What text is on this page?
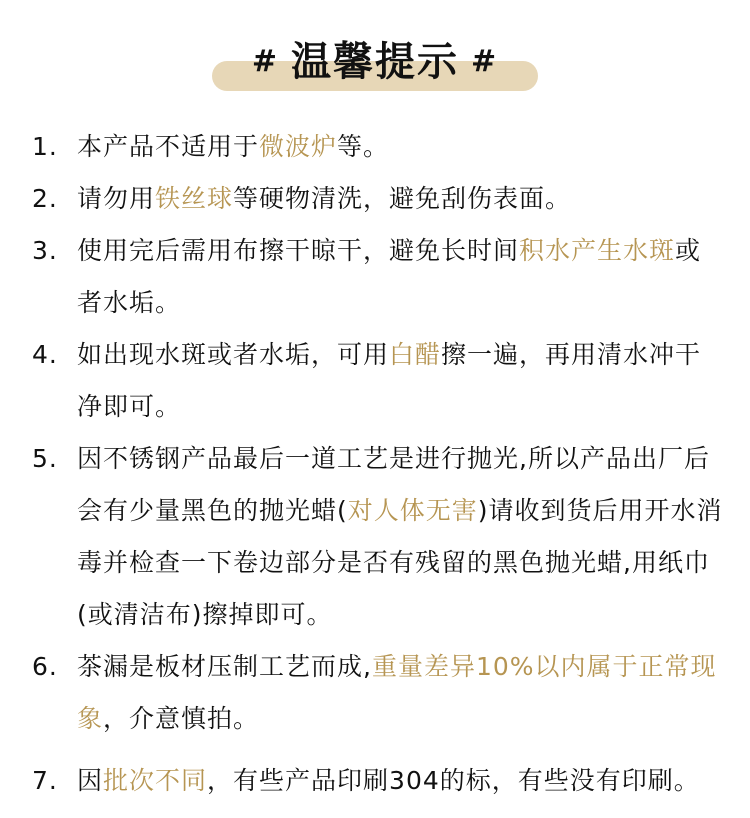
# 温馨提示 #
1. 本产品不适用于微波炉等。
2. 请勿用铁丝球等硬物清洗，避免刮伤表面。
3. 使用完后需用布擦干晾干，避免长时间积水产生水斑或者水垢。
4. 如出现水斑或者水垢，可用白醋擦一遍，再用清水冲干净即可。
5. 因不锈钢产品最后一道工艺是进行抛光,所以产品出厂后会有少量黑色的抛光蜡(对人体无害)请收到货后用开水消毒并检查一下卷边部分是否有残留的黑色抛光蜡,用纸巾(或清洁布)擦掉即可。
6. 茶漏是板材压制工艺而成,重量差异10%以内属于正常现象，介意慎拍。
7. 因批次不同，有些产品印刷304的标，有些没有印刷。
